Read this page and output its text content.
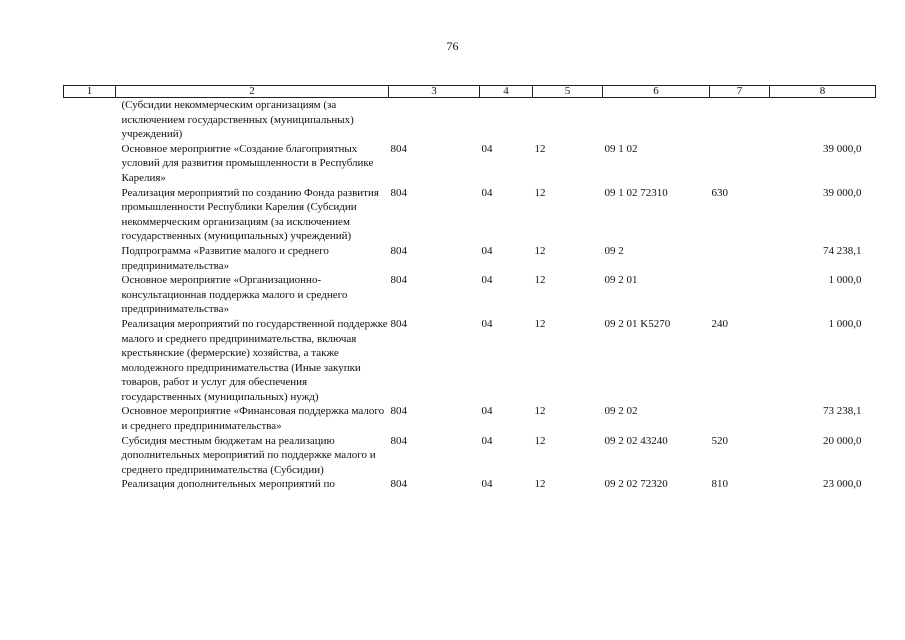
76
1	2	3	4	5	6	7	8
	(Субсидии некоммерческим организациям (за исключением государственных (муниципальных) учреждений)						
	Основное мероприятие «Создание благоприятных условий для развития промышленности в Республике Карелия»	804	04	12	09 1 02		39 000,0
	Реализация мероприятий по созданию Фонда развития промышленности Республики Карелия (Субсидии некоммерческим организациям (за исключением государственных (муниципальных) учреждений)	804	04	12	09 1 02 72310	630	39 000,0
	Подпрограмма «Развитие малого и среднего предпринимательства»	804	04	12	09 2		74 238,1
	Основное мероприятие «Организационно-консультационная поддержка малого и среднего предпринимательства»	804	04	12	09 2 01		1 000,0
	Реализация мероприятий по государственной поддержке малого и среднего предпринимательства, включая крестьянские (фермерские) хозяйства, а также молодежного предпринимательства (Иные закупки товаров, работ и услуг для обеспечения государственных (муниципальных) нужд)	804	04	12	09 2 01 K5270	240	1 000,0
	Основное мероприятие «Финансовая поддержка малого и среднего предпринимательства»	804	04	12	09 2 02		73 238,1
	Субсидия местным бюджетам на реализацию дополнительных мероприятий по поддержке малого и среднего предпринимательства (Субсидии)	804	04	12	09 2 02 43240	520	20 000,0
	Реализация дополнительных мероприятий по	804	04	12	09 2 02 72320	810	23 000,0
